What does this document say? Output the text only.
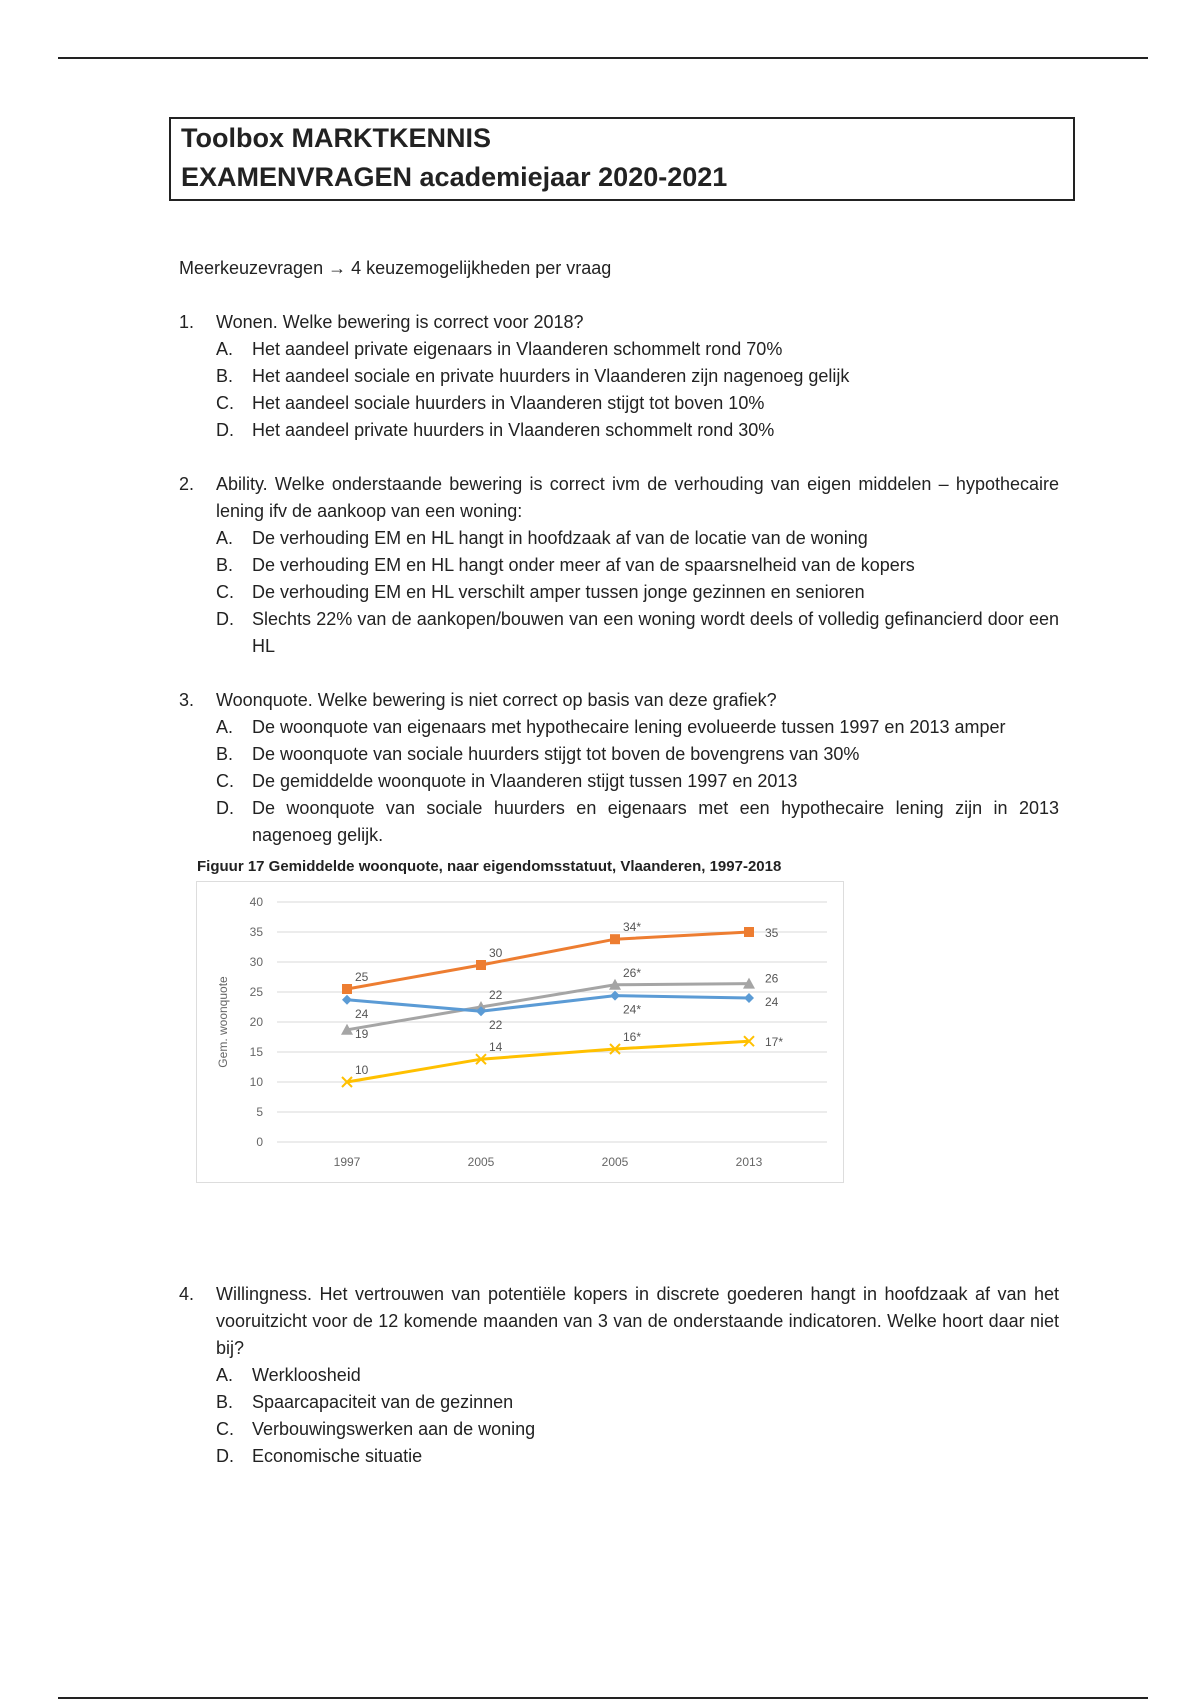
Toolbox MARKTKENNIS
EXAMENVRAGEN academiejaar 2020-2021
Meerkeuzevragen → 4 keuzemogelijkheden per vraag
1.	Wonen. Welke bewering is correct voor 2018?
A.	Het aandeel private eigenaars in Vlaanderen schommelt rond 70%
B.	Het aandeel sociale en private huurders in Vlaanderen zijn nagenoeg gelijk
C.	Het aandeel sociale huurders in Vlaanderen stijgt tot boven 10%
D.	Het aandeel private huurders in Vlaanderen schommelt rond 30%
2.	Ability. Welke onderstaande bewering is correct ivm de verhouding van eigen middelen – hypothecaire lening ifv de aankoop van een woning:
A.	De verhouding EM en HL hangt in hoofdzaak af van de locatie van de woning
B.	De verhouding EM en HL hangt onder meer af van de spaarsnelheid van de kopers
C.	De verhouding EM en HL verschilt amper tussen jonge gezinnen en senioren
D.	Slechts 22% van de aankopen/bouwen van een woning wordt deels of volledig gefinancierd door een HL
3.	Woonquote. Welke bewering is niet correct op basis van deze grafiek?
A.	De woonquote van eigenaars met hypothecaire lening evolueerde tussen 1997 en 2013 amper
B.	De woonquote van sociale huurders stijgt tot boven de bovengrens van 30%
C.	De gemiddelde woonquote in Vlaanderen stijgt tussen 1997 en 2013
D.	De woonquote van sociale huurders en eigenaars met een hypothecaire lening zijn in 2013 nagenoeg gelijk.
Figuur 17 Gemiddelde woonquote, naar eigendomsstatuut, Vlaanderen, 1997-2018
0
5
10
15
20
25
30
35
40
1997	2005	2005	2013
Gem. woonquote	25
30
34*	35
19
22
26*	26
24
22
24*
24
10
14
16*	17*
4.	Willingness. Het vertrouwen van potentiële kopers in discrete goederen hangt in hoofdzaak af van het vooruitzicht voor de 12 komende maanden van 3 van de onderstaande indicatoren. Welke hoort daar niet bij?
A.	Werkloosheid
B.	Spaarcapaciteit van de gezinnen
C.	Verbouwingswerken aan de woning
D.	Economische situatie
